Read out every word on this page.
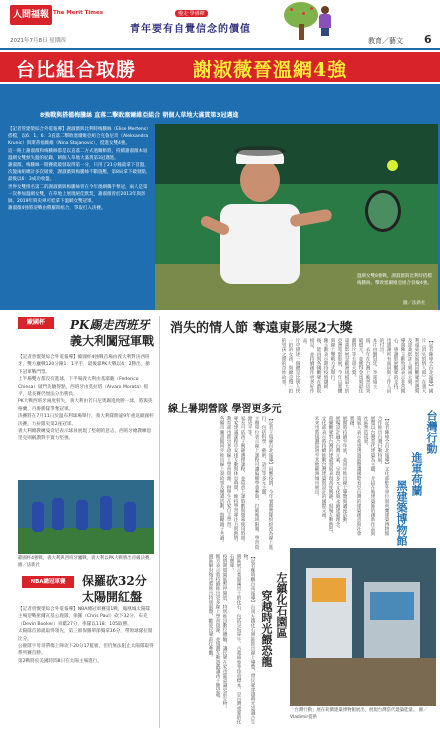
人間福報 The Merit Times
2021年7月8日 星期四
慢走‧學佛禪
青年要有自覺信念的價值
教育／藝文 6
台比組合取勝	謝淑薇晉溫網4強
8強戰與搭檔梅騰絲 直落二擊敗塞爾維亞組合 朝個人草地大滿貫第3冠邁進
溫網女雙8強戰，謝淑薇與比利時搭檔梅騰絲，擊敗塞爾維亞組合晉級4強。
圖／法新社

【記者管建榮綜合外電報導】謝淑薇與比利時梅騰絲（Elise Mertens）搭檔，以6：1、6：3直落二擊敗塞爾維亞組合克魯尼奇（Aleksandra Krunic）與斯蒂福維維（Nina Stojanovic），挺進女雙4強。

這一路上謝淑薇和梅騰絲都是以直落二方式過關斬將，持續謝淑薇本屆溫網女雙無失盤的紀錄，朝個人草地大滿貫第3冠邁進。

謝淑薇、梅騰絲一開賽就破發取得第一分，只用了21分鐘就拿下首盤，次盤兩組總計多次破發，謝淑薇與梅騰絲不斷施壓，第8局拿下破發點，最後以6：3成功收盤。

世界女雙排名第二的謝淑薇與梅騰絲曾在今年澳網攜手奪冠，兩人是第一次參加溫網女雙，在草地上展現絕佳默契，謝淑薇曾於2013年與彭帥、2019年與史翠可娃拿下溫網女雙冠軍。

謝淑薇4強將迎戰由俄羅斯組合，爭取打入決賽。

歐國杯	PK踢走西班牙
義大利闖冠軍戰

【記者曾懷榮綜合外電報導】歐國杯4強戰首場由義大利對決西班牙，雙方鏖戰120分鐘1：1平手，最後靠PK大戰以4：2勝出，搶下冠軍戰門票。

上半場雙方都沒有進球，下半場義大利由基耶薩（Federico Chiesa）破門先馳得點，西班牙由莫拉塔（Alvaro Morata）扳平，延長賽仍無法分出勝負。

PK大戰西班牙兩度射失，義大利由若日尼奧踢進致勝一球，將與英格蘭、丹麥勝隊爭奪冠軍。

決賽將在7月11日於溫布利球場舉行，義大利隊睽違9年重返歐國杯決賽，力拚隊史第2座冠軍。

義大利總教練曼奇尼表示球員展現了堅韌的意志，西班牙總教練恩里克則稱讚對手實力堅強。

歐國杯4強戰，義大利與西班牙鏖戰，義大利以PK大戰勝出晉級決賽。 圖／法新社
NBA總冠軍賽	保羅砍32分
太陽開紅盤

【記者曾懷榮綜合外電報導】NBA總冠軍賽第1戰，鳳凰城太陽隊主場迎戰密爾瓦基公鹿隊，保羅（Chris Paul）砍下32分，布克（Devin Booker）貢獻27分，率隊以118：105取勝。

太陽隊首節就取得領先，第三節保羅單節獨拿16分，帶領球隊拉開比分。

公鹿隊字母哥帶傷上陣攻下20分17籃板，但仍無法阻止太陽隊取得系列賽首勝。

第2戰將於美國時間8日在太陽主場進行。

消失的情人節 奪遠東影展2大獎

【記者陳瑋全台北報導】國片《消失的情人節》在義大利遠東影展抱回觀眾票選獎及黑桑影評人獎兩大獎。

導演陳玉勳致詞表示非常開心，感謝影展觀眾的支持，也感謝所有演員與工作人員的付出。

本片由劉冠廷、李霈瑜主演，去年在台灣上映票房突破億元，並獲得金馬獎最佳劇情片等五項大獎。

遠東影展是歐洲規模最大的亞洲電影影展，今年以實體與線上雙軌方式舉行。

陳玉勳表示期待疫情趨緩後，能再與各國觀眾在戲院相見，並持續創作更多好作品。

片中描述一個總是比別人快一拍的女孩，與總是慢一拍的男孩之間的奇妙故事。

線上暑期營隊 學習更多元

【記者王瑞慶台北報導】因應疫情，今年暑期營隊紛紛改為線上進行，包括科學、藝術、語言等多元主題。

主辦單位表示線上課程可讓偏鄉學童參與，打破地域限制，學習資源更平等。

家長可依孩子興趣選擇課程，並留意上課時數與螢幕使用時間。

專家建議課程中安排互動與休息時間，維持學習專注力與熱情。

教育部也推出多項線上學習資源，供學生在家自主學習。

各縣市圖書館同步推出線上說故事及閱讀活動，鼓勵親子共讀。

【記者鄭明鵬台南報導】台南左鎮化石園區推出線上導覽，帶民眾穿越時光認識古生物。

園區展示菜寮溪出土的化石，包括早坂犀牛、古菱齒象等珍貴標本，是台灣重要的化石寶庫。

疫情期間園區暫停開放，特別推出數位體驗，讓民眾在家也能認識史前生物。

館方表示將持續推出更多線上學習資源，並規劃互動遊戲讓孩子餵恐龍。

園區解封後也將推出特別展覽，歡迎民眾前往參觀。	穿越時光餵恐龍 左鎮化石園區

【記者陳瑋全台北報導】文化部駐外單位與荷蘭建築博物館合作推出台灣行動特展。

展覽以台灣當代建築為主題，介紹在地建築師的創新作品與社區營造成果。

策展人表示希望透過展覽讓國際看見台灣的建築創意與社會實踐。

展期將持續至年底，並同步推出線上導覽與講座活動。

展場設計融合台灣元素，呈現多元文化與永續建築理念。

荷蘭觀眾對台灣的建築發展表現高度興趣，現場互動熱烈。

文化部表示將持續推動台灣建築與設計的國際交流。

未來也將規劃巡迴至其他歐洲城市展出。

黑建築博物館
進軍荷蘭
台灣行動
「台灣行動」展在荷蘭建築博物館展出，展現台灣當代建築能量。 圖／Vladimir提供
